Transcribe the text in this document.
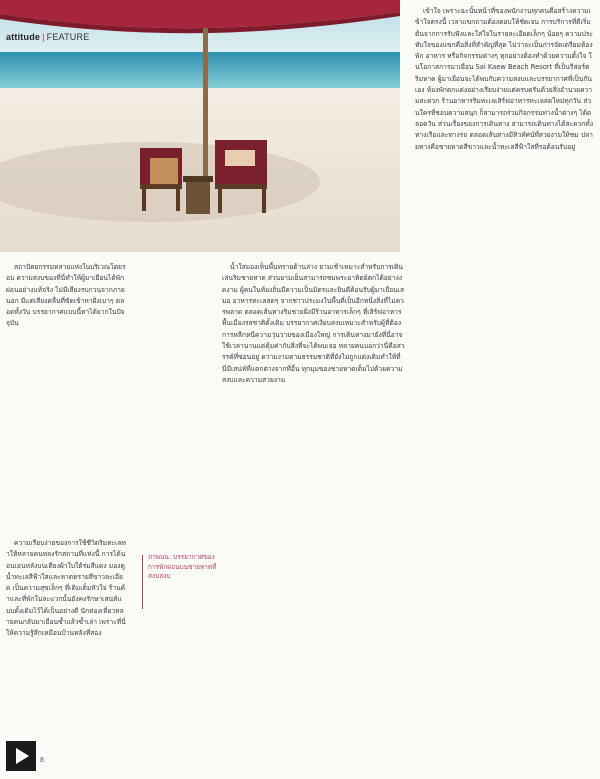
attitude | FEATURE

สถาปัตยกรรมหลายแห่งในบริเวณโดยรอบ ความสงบของที่นี่ทำให้ผู้มาเยือนได้พักผ่อนอย่างแท้จริง ไม่มีเสียงรบกวนจากภายนอก มีแต่เสียงคลื่นที่ซัดเข้าหาฝั่งเบาๆ ตลอดทั้งวัน บรรยากาศแบบนี้หาได้ยากในปัจจุบัน

ความเรียบง่ายของการใช้ชีวิตริมทะเลทำให้หลายคนหลงรักสถานที่แห่งนี้ การได้นอนเอนหลังบนเตียงผ้าใบใต้ร่มสีแดง มองดูน้ำทะเลสีฟ้าใสและหาดทรายสีขาวละเอียด เป็นความสุขเล็กๆ ที่เติมเต็มหัวใจ ร้านค้าและที่พักในละแวกนั้นยังคงรักษาเสน่ห์แบบดั้งเดิมไว้ได้เป็นอย่างดี นักท่องเที่ยวหลายคนกลับมาเยือนซ้ำแล้วซ้ำเล่า เพราะที่นี่ให้ความรู้สึกเหมือนบ้านหลังที่สอง

ภาพบน: บรรยากาศของการพักผ่อนบนชายหาดที่สงบสงบ

น้ำใสมองเห็นพื้นทรายด้านล่าง ยามเช้าเหมาะสำหรับการเดินเล่นริมชายหาด ส่วนยามเย็นสามารถชมพระอาทิตย์ตกได้อย่างงดงาม ผู้คนในท้องถิ่นมีความเป็นมิตรและยินดีต้อนรับผู้มาเยือนเสมอ อาหารทะเลสดๆ จากชาวประมงในพื้นที่เป็นอีกหนึ่งสิ่งที่ไม่ควรพลาด ตลอดเส้นทางริมชายฝั่งมีร้านอาหารเล็กๆ ที่เสิร์ฟอาหารพื้นเมืองรสชาติดั้งเดิม บรรยากาศเงียบสงบเหมาะสำหรับผู้ที่ต้องการหลีกหนีความวุ่นวายของเมืองใหญ่ การเดินทางมายังที่นี่อาจใช้เวลานานแต่คุ้มค่ากับสิ่งที่จะได้พบเจอ หลายคนบอกว่านี่คือสวรรค์ที่ซ่อนอยู่ ความงามตามธรรมชาติที่ยังไม่ถูกแต่งเติมทำให้ที่นี่มีเสน่ห์ที่แตกต่างจากที่อื่น ทุกมุมของชายหาดเต็มไปด้วยความสงบและความสวยงาม

เข้าใจ เพราะฉะนั้นหน้าที่ของพนักงานทุกคนคือสร้างความเข้าใจตรงนี้ เวลาแขกถามต้องตอบให้ชัดเจน การบริการที่ดีเริ่มต้นจากการรับฟังและใส่ใจในรายละเอียดเล็กๆ น้อยๆ ความประทับใจของแขกคือสิ่งที่สำคัญที่สุด ไม่ว่าจะเป็นการจัดเตรียมห้องพัก อาหาร หรือกิจกรรมต่างๆ ทุกอย่างต้องทำด้วยความตั้งใจ ในโอกาสการมาเยือน Sai Kaew Beach Resort ที่เป็นรีสอร์ตริมหาด ผู้มาเยือนจะได้พบกับความสงบและบรรยากาศที่เป็นกันเอง ห้องพักตกแต่งอย่างเรียบง่ายแต่ครบครันด้วยสิ่งอำนวยความสะดวก ร้านอาหารริมทะเลเสิร์ฟอาหารทะเลสดใหม่ทุกวัน ส่วนใครที่ชอบความสนุก ก็สามารถร่วมกิจกรรมทางน้ำต่างๆ ได้ตลอดวัน ส่วนเรื่องของการเดินทาง สามารถเดินทางได้สะดวกทั้งทางเรือและทางรถ ตลอดเส้นทางมีทิวทัศน์ที่สวยงามให้ชม ปลายทางคือชายหาดสีขาวและน้ำทะเลสีฟ้าใสที่รอต้อนรับอยู่

8
